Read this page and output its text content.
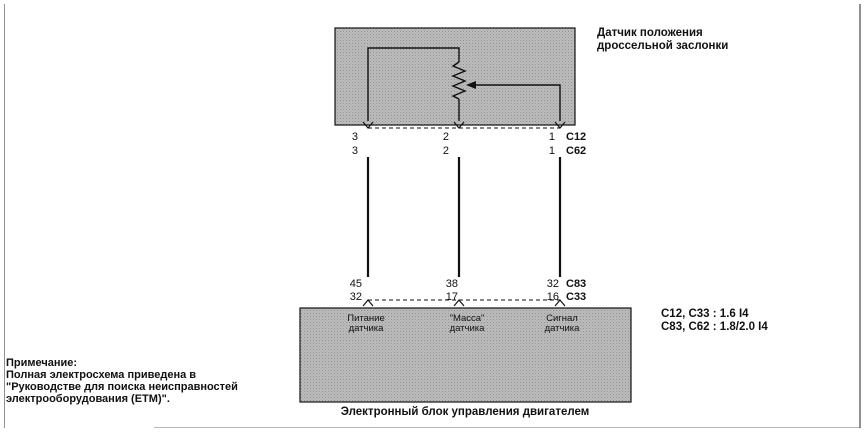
Датчик положения
дроссельной заслонки
3	2	1 C12
3	2	1 C62
45	38	32 C83
32	17	16 C33
Питание
датчика
"Масса"
датчика
Сигнал
датчика
Электронный блок управления двигателем
C12, C33 : 1.6 I4
C83, C62 : 1.8/2.0 I4
Примечание:
Полная электросхема приведена в
"Руководстве для поиска неисправностей
электрооборудования (ETM)".
